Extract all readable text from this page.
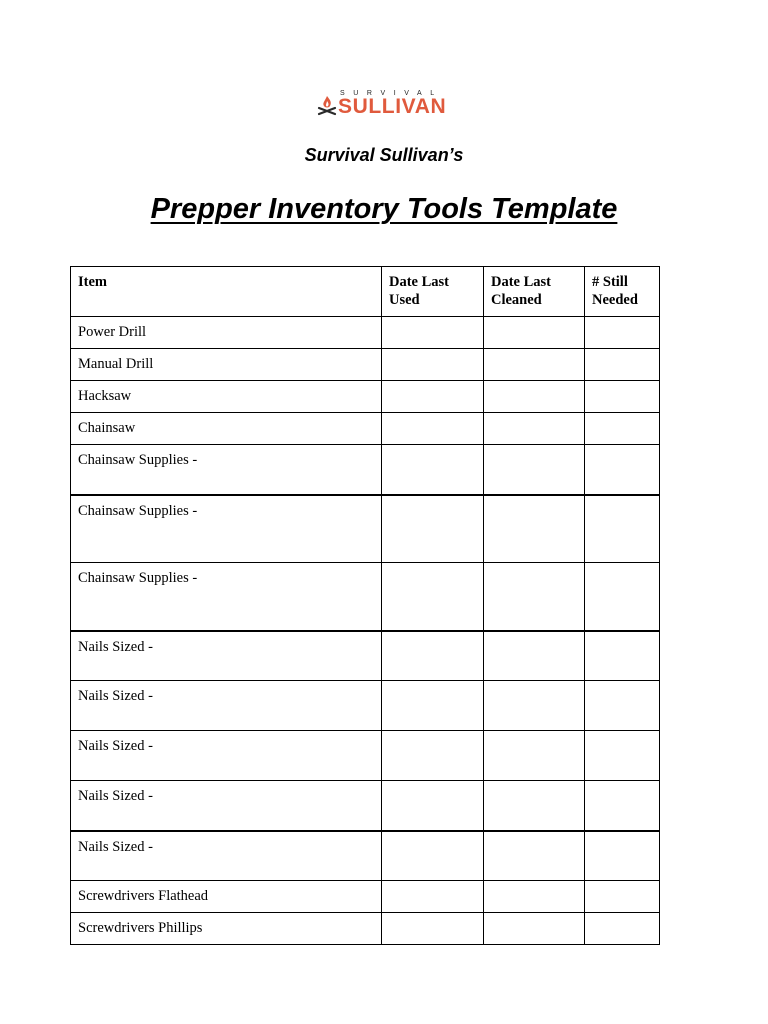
SURVIVAL
SULLIVAN
Survival Sullivan’s
Prepper Inventory Tools Template
Item	Date Last Used	Date Last Cleaned	# Still Needed
Power Drill			
Manual Drill			
Hacksaw			
Chainsaw			
Chainsaw Supplies -			
Chainsaw Supplies -			
Chainsaw Supplies -			
Nails Sized -			
Nails Sized -			
Nails Sized -			
Nails Sized -			
Nails Sized -			
Screwdrivers Flathead			
Screwdrivers Phillips			
